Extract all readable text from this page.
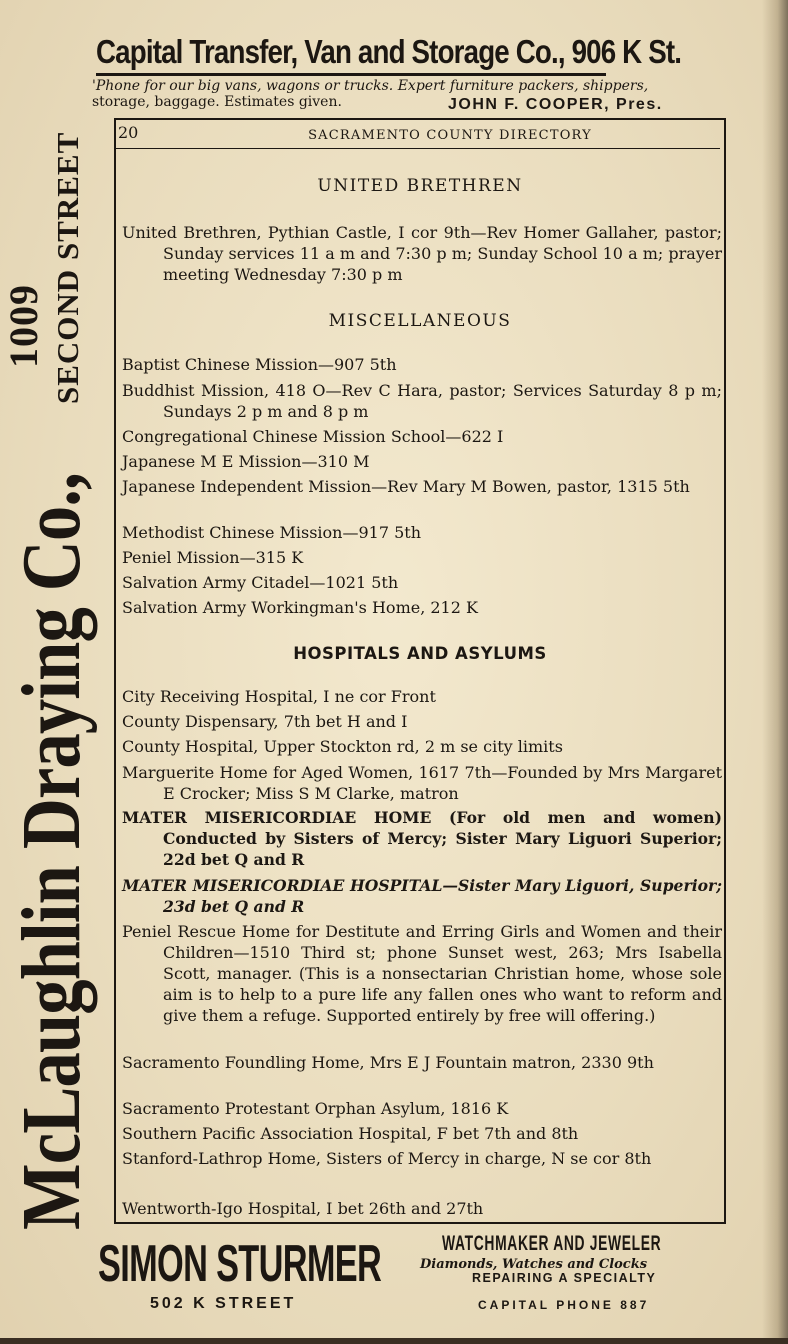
Capital Transfer, Van and Storage Co., 906 K St.
'Phone for our big vans, wagons or trucks. Expert furniture packers, shippers,
storage, baggage. Estimates given.	JOHN F. COOPER, Pres.
McLaughlin Draying Co.,
1009 SECOND STREET 20	SACRAMENTO COUNTY DIRECTORY
UNITED BRETHREN
United Brethren, Pythian Castle, I cor 9th—Rev Homer Gallaher, pastor; Sunday services 11 a m and 7:30 p m; Sunday School 10 a m; prayer meeting Wednesday 7:30 p m
MISCELLANEOUS
Baptist Chinese Mission—907 5th
Buddhist Mission, 418 O—Rev C Hara, pastor; Services Saturday 8 p m; Sundays 2 p m and 8 p m
Congregational Chinese Mission School—622 I
Japanese M E Mission—310 M
Japanese Independent Mission—Rev Mary M Bowen, pastor, 1315 5th
Methodist Chinese Mission—917 5th
Peniel Mission—315 K
Salvation Army Citadel—1021 5th
Salvation Army Workingman's Home, 212 K
HOSPITALS AND ASYLUMS
City Receiving Hospital, I ne cor Front
County Dispensary, 7th bet H and I
County Hospital, Upper Stockton rd, 2 m se city limits
Marguerite Home for Aged Women, 1617 7th—Founded by Mrs Margaret E Crocker; Miss S M Clarke, matron
MATER MISERICORDIAE HOME (For old men and women) Conducted by Sisters of Mercy; Sister Mary Liguori Superior; 22d bet Q and R
MATER MISERICORDIAE HOSPITAL—Sister Mary Liguori, Superior; 23d bet Q and R
Peniel Rescue Home for Destitute and Erring Girls and Women and their Children—1510 Third st; phone Sunset west, 263; Mrs Isabella Scott, manager. (This is a nonsectarian Christian home, whose sole aim is to help to a pure life any fallen ones who want to reform and give them a refuge. Supported entirely by free will offering.)
Sacramento Foundling Home, Mrs E J Fountain matron, 2330 9th
Sacramento Protestant Orphan Asylum, 1816 K
Southern Pacific Association Hospital, F bet 7th and 8th
Stanford-Lathrop Home, Sisters of Mercy in charge, N se cor 8th
Wentworth-Igo Hospital, I bet 26th and 27th
SIMON STURMER	WATCHMAKER AND JEWELER
Diamonds, Watches and Clocks
REPAIRING A SPECIALTY
502 K STREET	CAPITAL PHONE 887
